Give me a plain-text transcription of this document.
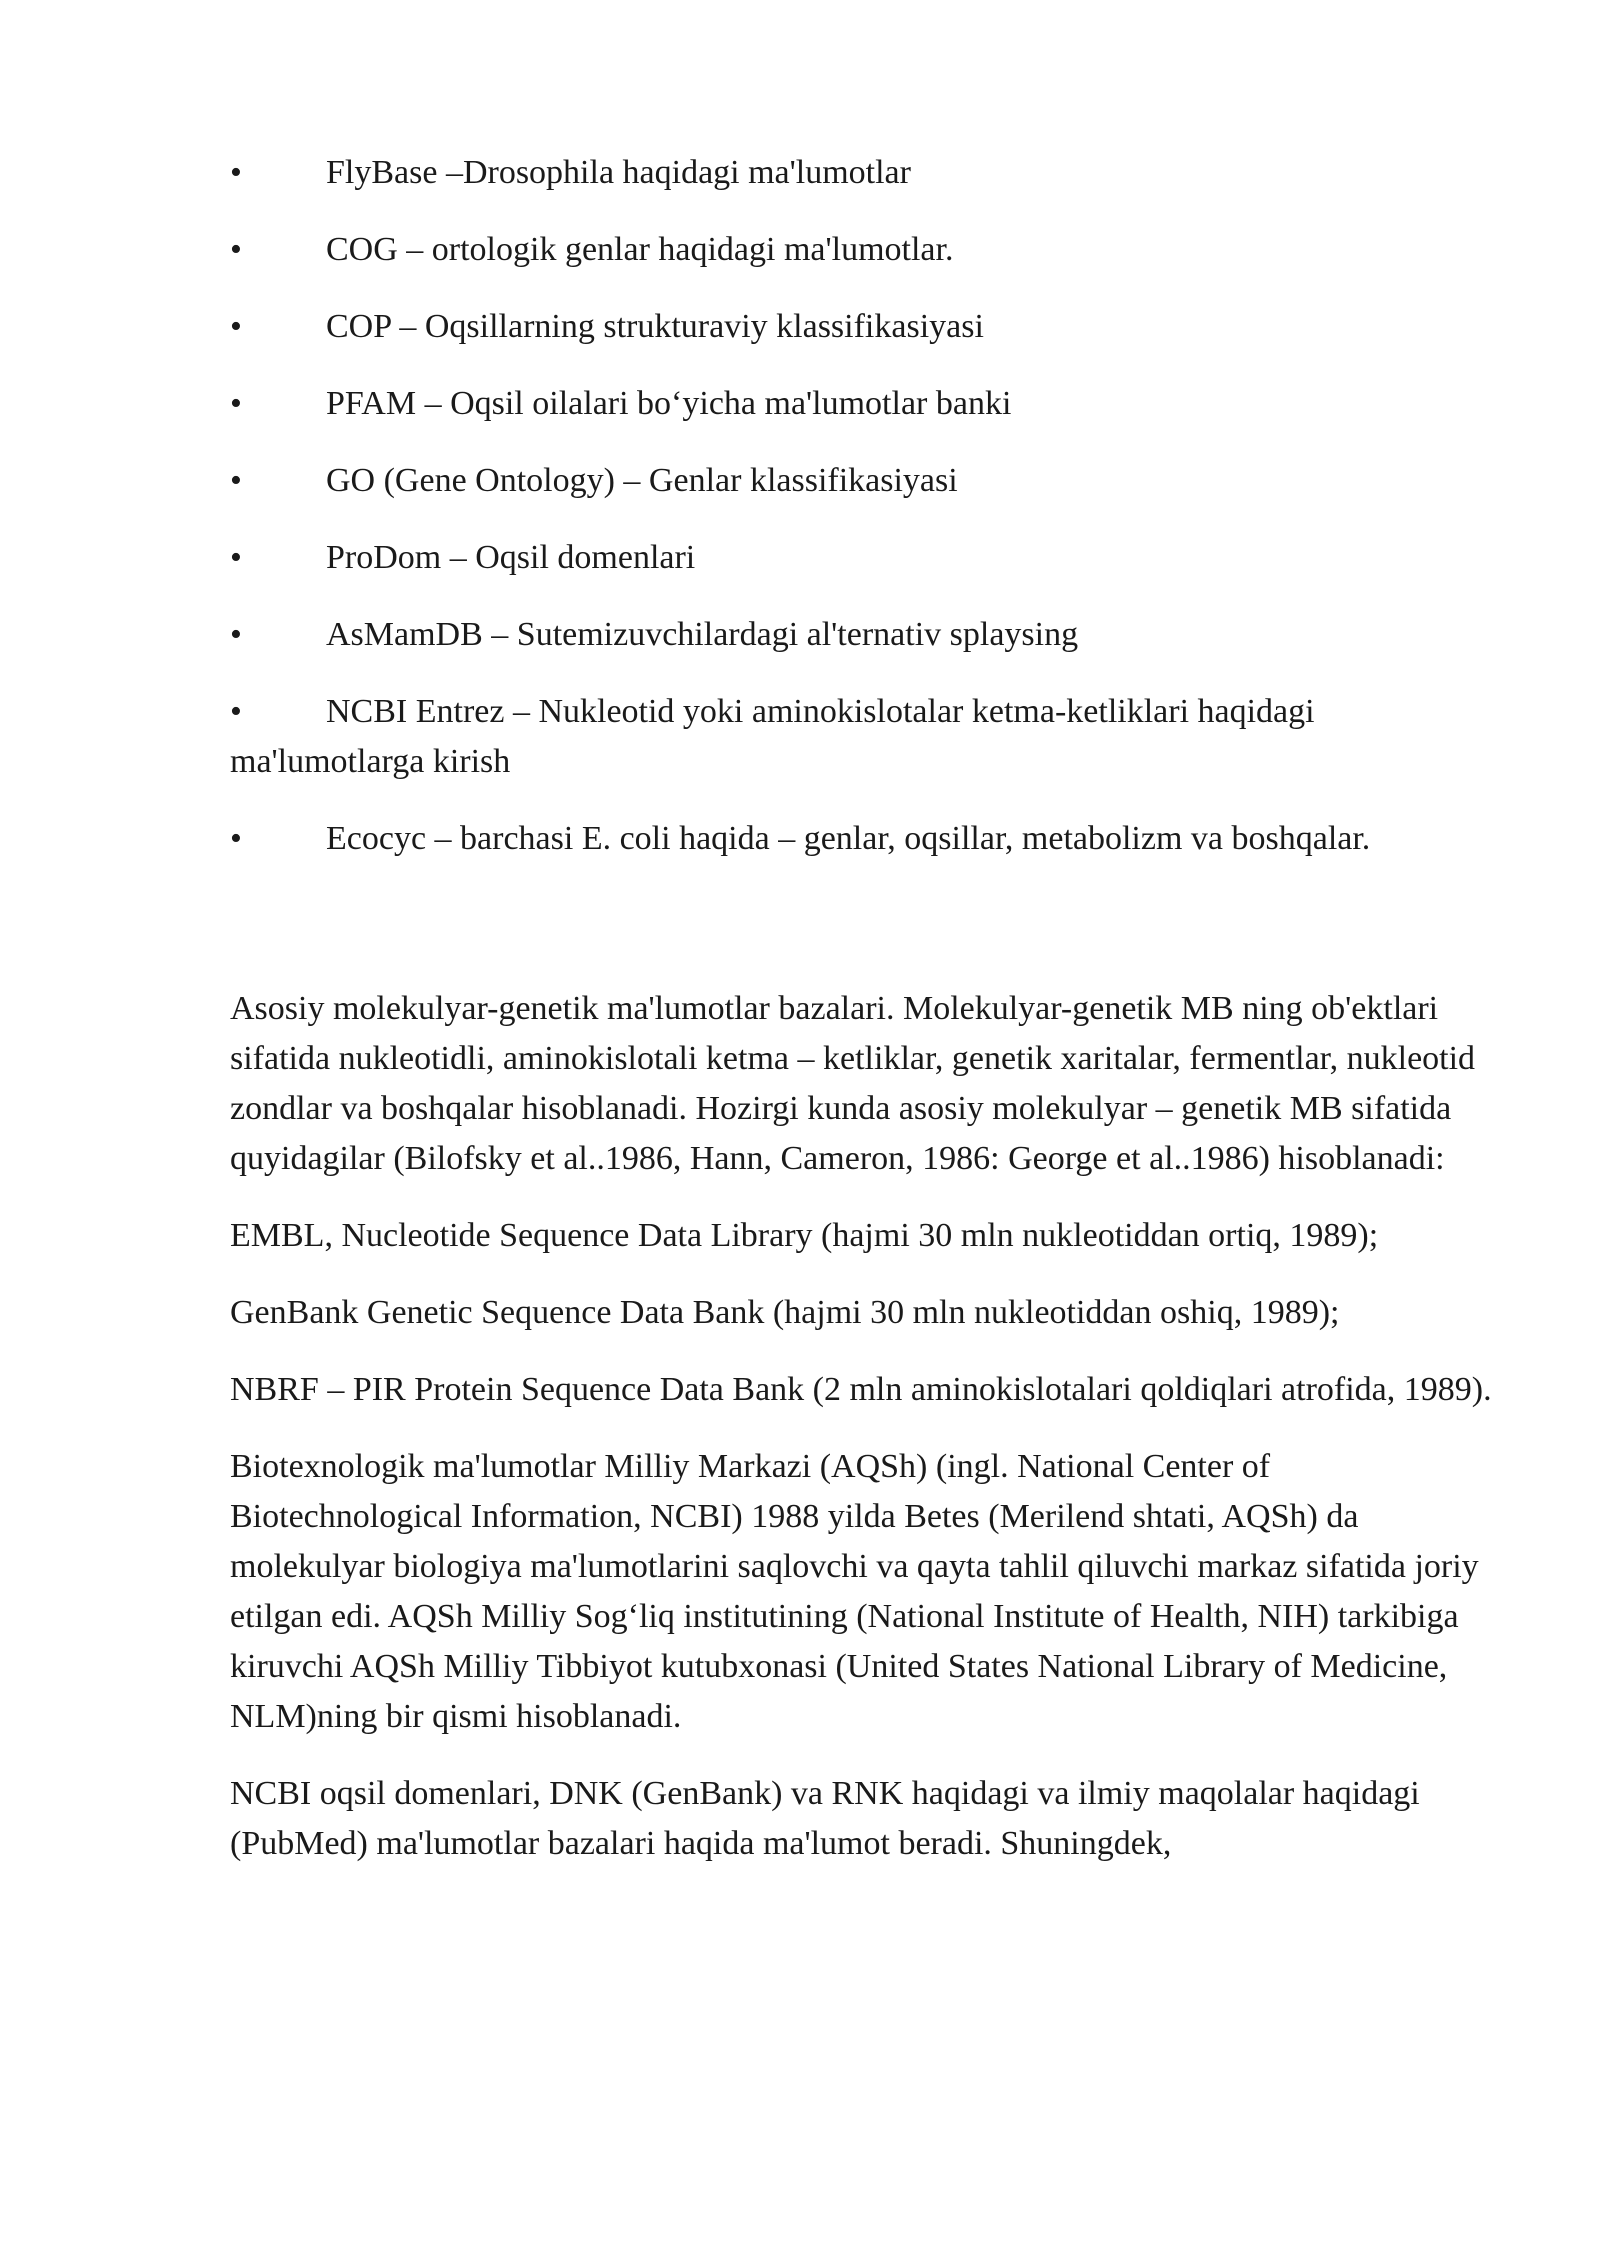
• FlyBase –Drosophila haqidagi ma'lumotlar
• COG – ortologik genlar haqidagi ma'lumotlar.
• COP – Oqsillarning strukturaviy klassifikasiyasi
• PFAM – Oqsil oilalari bo‘yicha ma'lumotlar banki
• GO (Gene Ontology) – Genlar klassifikasiyasi
• ProDom – Oqsil domenlari
• AsMamDB – Sutemizuvchilardagi al'ternativ splaysing
• NCBI Entrez – Nukleotid yoki aminokislotalar ketma-ketliklari haqidagi ma'lumotlarga kirish
• Ecocyc – barchasi E. coli haqida – genlar, oqsillar, metabolizm va boshqalar.

Asosiy molekulyar-genetik ma'lumotlar bazalari. Molekulyar-genetik MB ning ob'ektlari sifatida nukleotidli, aminokislotali ketma – ketliklar, genetik xaritalar, fermentlar, nukleotid zondlar va boshqalar hisoblanadi. Hozirgi kunda asosiy molekulyar – genetik MB sifatida quyidagilar (Bilofsky et al..1986, Hann, Cameron, 1986: George et al..1986) hisoblanadi:

EMBL, Nucleotide Sequence Data Library (hajmi 30 mln nukleotiddan ortiq, 1989);

GenBank Genetic Sequence Data Bank (hajmi 30 mln nukleotiddan oshiq, 1989);

NBRF – PIR Protein Sequence Data Bank (2 mln aminokislotalari qoldiqlari atrofida, 1989).

Biotexnologik ma'lumotlar Milliy Markazi (AQSh) (ingl. National Center of Biotechnological Information, NCBI) 1988 yilda Betes (Merilend shtati, AQSh) da molekulyar biologiya ma'lumotlarini saqlovchi va qayta tahlil qiluvchi markaz sifatida joriy etilgan edi. AQSh Milliy Sog‘liq institutining (National Institute of Health, NIH) tarkibiga kiruvchi AQSh Milliy Tibbiyot kutubxonasi (United States National Library of Medicine, NLM)ning bir qismi hisoblanadi.

NCBI oqsil domenlari, DNK (GenBank) va RNK haqidagi va ilmiy maqolalar haqidagi (PubMed) ma'lumotlar bazalari haqida ma'lumot beradi. Shuningdek,
